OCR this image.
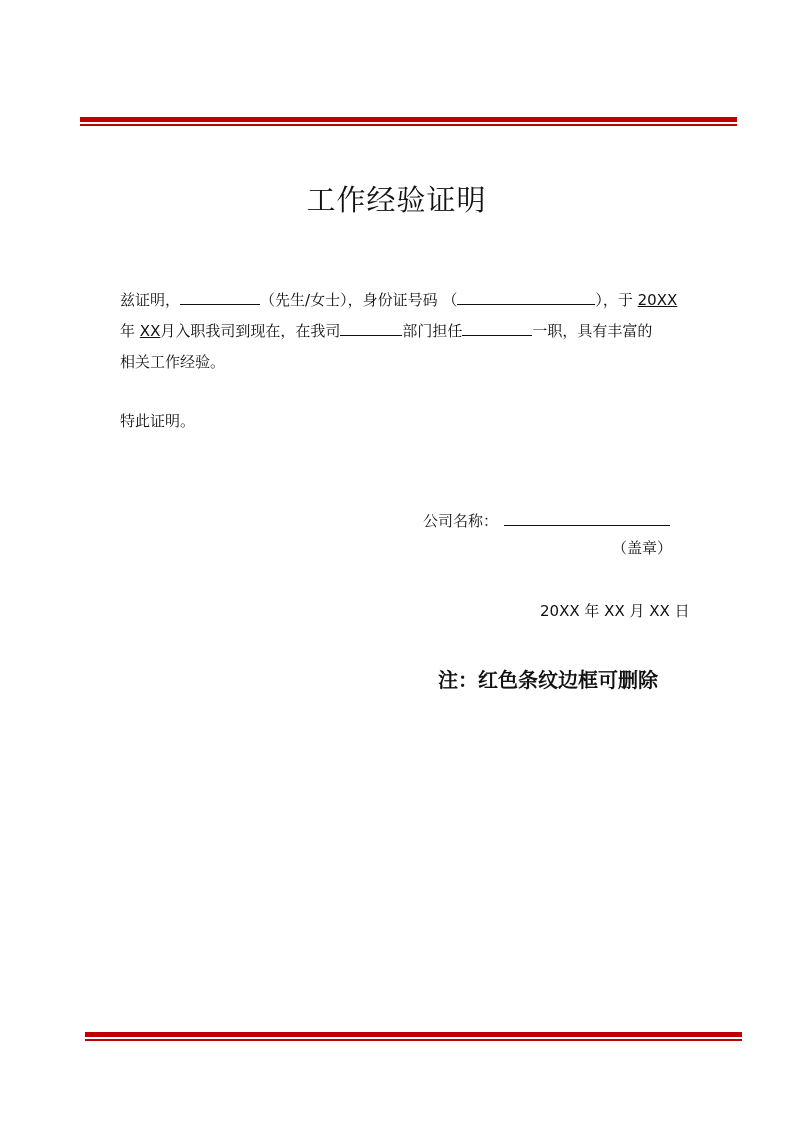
工作经验证明
兹证明，	（先生/女士），身份证号码 （	），于 20XX
年 XX月入职我司到现在，在我司	部门担任	一职，具有丰富的
相关工作经验。
特此证明。
公司名称：
（盖章）
20XX 年 XX 月 XX 日
注：红色条纹边框可删除
